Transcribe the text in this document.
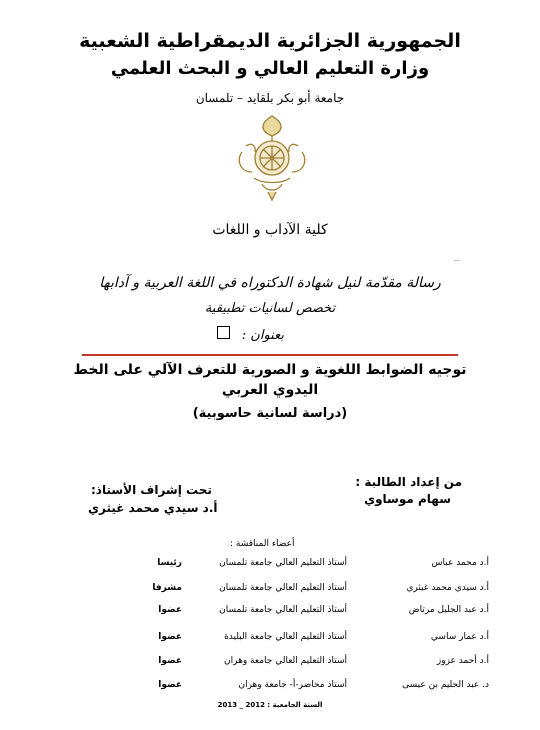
الجمهورية الجزائرية الديمقراطية الشعبية
وزارة التعليم العالي و البحث العلمي
جامعة أبو بكر بلقايد – تلمسان
كلية الآداب و اللغات
رسالة مقدّمة لنيل شهادة الدكتوراه في اللغة العربية و آدابها
تخصص لسانيات تطبيقية
بعنوان :
توجيه الضوابط اللغوية و الصورية للتعرف الآلي على الخط اليدوي العربي
(دراسة لسانية حاسوبية)
من إعداد الطالبة :
سهام موساوي
تحت إشراف الأستاذ:
أ.د سيدي محمد غيثري
أعضاء المناقشة :
أ.د محمد عباس
أستاذ التعليم العالي جامعة تلمسان
رئيسا
أ.د سيدي محمد غيثري
أستاذ التعليم العالي جامعة تلمسان
مشرفا
أ.د عبد الجليل مرتاض
أستاذ التعليم العالي جامعة تلمسان
عضوا
أ.د عمار ساسي
أستاذ التعليم العالي جامعة البليدة
عضوا
أ.د أحمد عزوز
أستاذ التعليم العالي جامعة وهران
عضوا
د. عبد الحليم بن عيسى
أستاذ محاضر-أ- جامعة وهران
عضوا
السنة الجامعية : 2012 _ 2013
